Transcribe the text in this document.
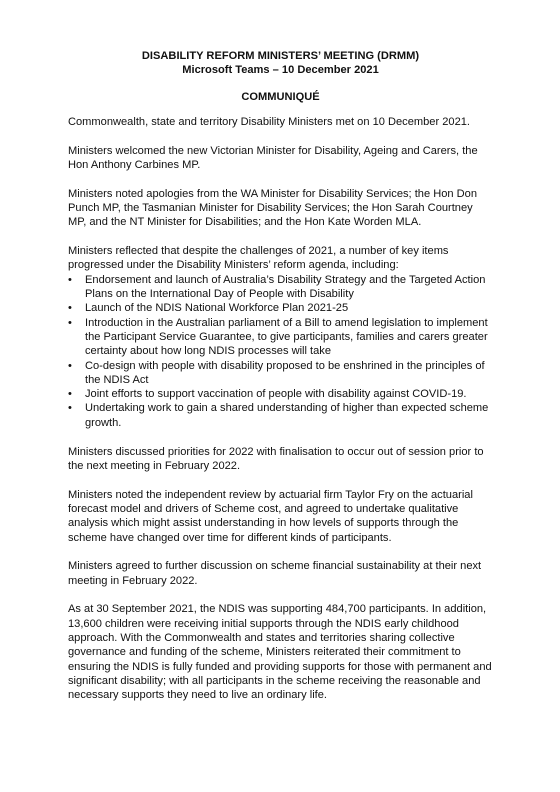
DISABILITY REFORM MINISTERS’ MEETING (DRMM)

Microsoft Teams – 10 December 2021

COMMUNIQUÉ

Commonwealth, state and territory Disability Ministers met on 10 December 2021.

Ministers welcomed the new Victorian Minister for Disability, Ageing and Carers, the Hon Anthony Carbines MP.

Ministers noted apologies from the WA Minister for Disability Services; the Hon Don Punch MP, the Tasmanian Minister for Disability Services; the Hon Sarah Courtney MP, and the NT Minister for Disabilities; and the Hon Kate Worden MLA.

Ministers reflected that despite the challenges of 2021, a number of key items progressed under the Disability Ministers’ reform agenda, including:

•	Endorsement and launch of Australia’s Disability Strategy and the Targeted Action Plans on the International Day of People with Disability
•	Launch of the NDIS National Workforce Plan 2021-25
•	Introduction in the Australian parliament of a Bill to amend legislation to implement the Participant Service Guarantee, to give participants, families and carers greater certainty about how long NDIS processes will take
•	Co-design with people with disability proposed to be enshrined in the principles of the NDIS Act
•	Joint efforts to support vaccination of people with disability against COVID-19.
•	Undertaking work to gain a shared understanding of higher than expected scheme growth.

Ministers discussed priorities for 2022 with finalisation to occur out of session prior to the next meeting in February 2022.

Ministers noted the independent review by actuarial firm Taylor Fry on the actuarial forecast model and drivers of Scheme cost, and agreed to undertake qualitative analysis which might assist understanding in how levels of supports through the scheme have changed over time for different kinds of participants.

Ministers agreed to further discussion on scheme financial sustainability at their next meeting in February 2022.

As at 30 September 2021, the NDIS was supporting 484,700 participants. In addition, 13,600 children were receiving initial supports through the NDIS early childhood approach. With the Commonwealth and states and territories sharing collective governance and funding of the scheme, Ministers reiterated their commitment to ensuring the NDIS is fully funded and providing supports for those with permanent and significant disability; with all participants in the scheme receiving the reasonable and necessary supports they need to live an ordinary life.
